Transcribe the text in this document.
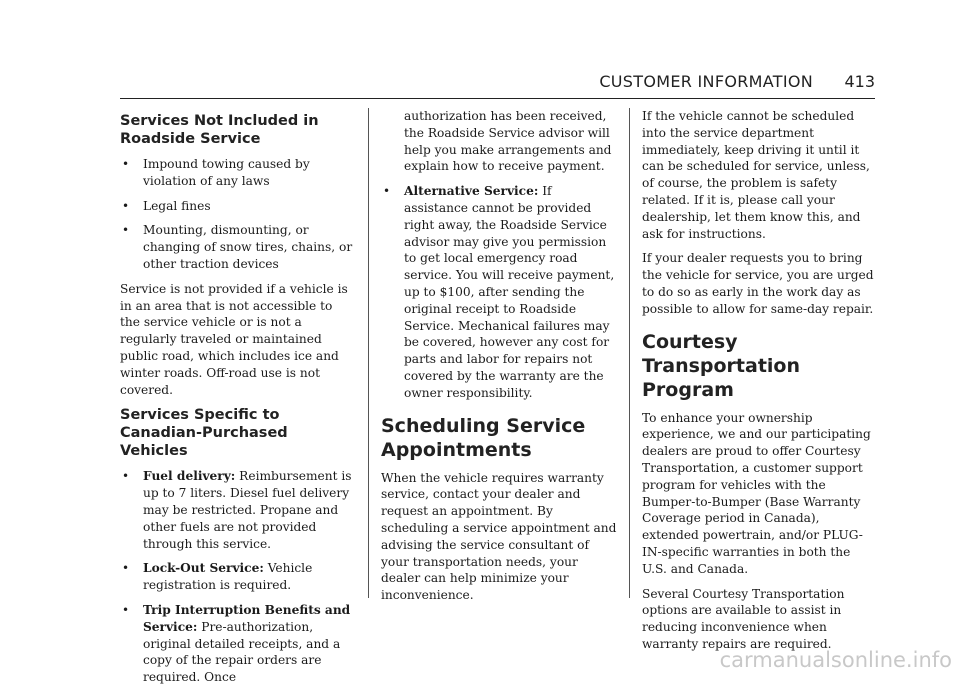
CUSTOMER INFORMATION 413
Services Not Included in Roadside Service
• Impound towing caused by violation of any laws
• Legal fines
• Mounting, dismounting, or changing of snow tires, chains, or other traction devices

Service is not provided if a vehicle is in an area that is not accessible to the service vehicle or is not a regularly traveled or maintained public road, which includes ice and winter roads. Off-road use is not covered.

Services Specific to Canadian-Purchased Vehicles
• Fuel delivery: Reimbursement is up to 7 liters. Diesel fuel delivery may be restricted. Propane and other fuels are not provided through this service.
• Lock-Out Service: Vehicle registration is required.
• Trip Interruption Benefits and Service: Pre-authorization, original detailed receipts, and a copy of the repair orders are required. Once

authorization has been received, the Roadside Service advisor will help you make arrangements and explain how to receive payment.

• Alternative Service: If assistance cannot be provided right away, the Roadside Service advisor may give you permission to get local emergency road service. You will receive payment, up to $100, after sending the original receipt to Roadside Service. Mechanical failures may be covered, however any cost for parts and labor for repairs not covered by the warranty are the owner responsibility.
Scheduling Service Appointments

When the vehicle requires warranty service, contact your dealer and request an appointment. By scheduling a service appointment and advising the service consultant of your transportation needs, your dealer can help minimize your inconvenience.

If the vehicle cannot be scheduled into the service department immediately, keep driving it until it can be scheduled for service, unless, of course, the problem is safety related. If it is, please call your dealership, let them know this, and ask for instructions.

If your dealer requests you to bring the vehicle for service, you are urged to do so as early in the work day as possible to allow for same-day repair.

Courtesy Transportation Program

To enhance your ownership experience, we and our participating dealers are proud to offer Courtesy Transportation, a customer support program for vehicles with the Bumper-to-Bumper (Base Warranty Coverage period in Canada), extended powertrain, and/or PLUG-IN-specific warranties in both the U.S. and Canada.

Several Courtesy Transportation options are available to assist in reducing inconvenience when warranty repairs are required.

carmanualsonline.info
